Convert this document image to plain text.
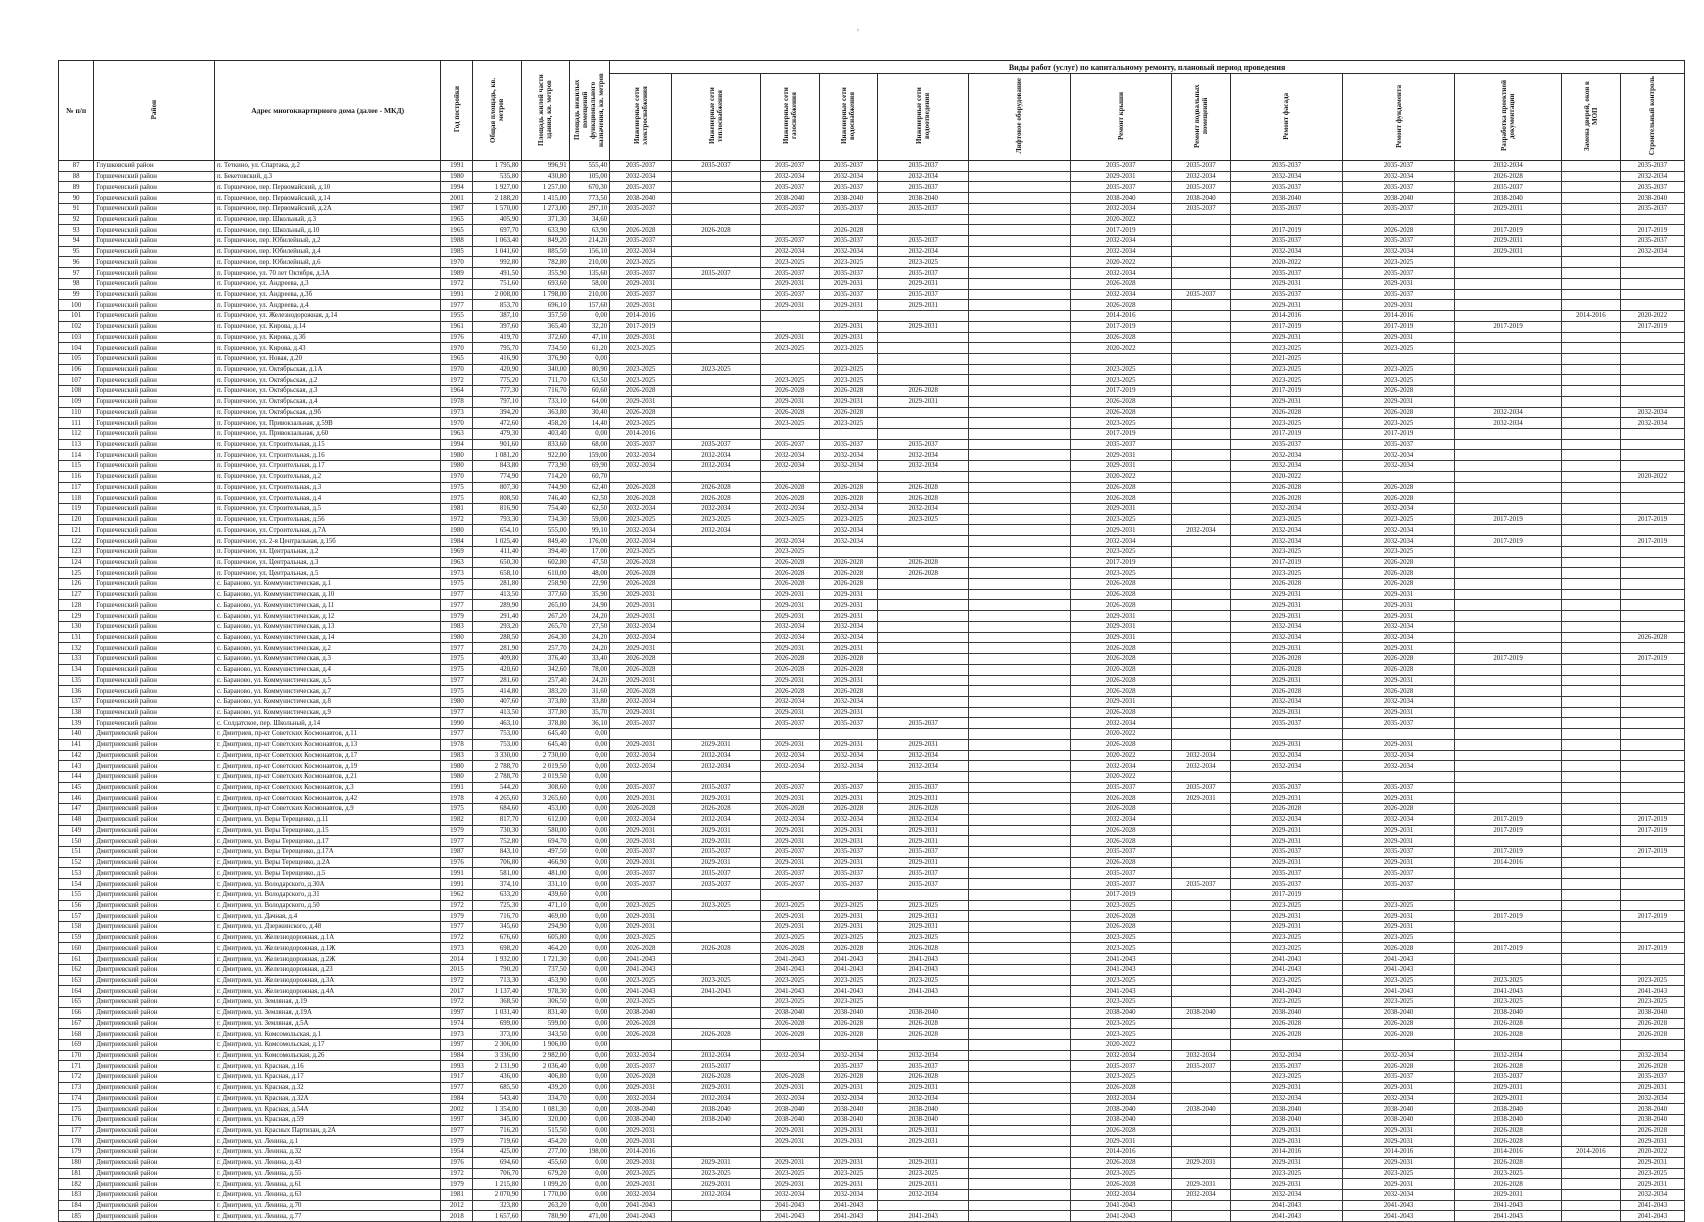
′
№ п/п	Район	Адрес многоквартирного дома (далее - МКД)	Год постройки	Общая площадь, кв. метров	Площадь жилой части здания, кв. метров	Площадь нежилых помещений функционального назначения, кв. метров	Виды работ (услуг) по капитальному ремонту, плановый период проведения												
							Инженерные сети электроснабжения	Инженерные сети теплоснабжения	Инженерные сети газоснабжения	Инженерные сети водоснабжения	Инженерные сети водоотведения	Лифтовое оборудование	Ремонт крыши	Ремонт подвальных помещений	Ремонт фасада	Ремонт фундамента	Разработка проектной документации	Замена дверей, окон в МОП	Строительный контроль
87	Глушковский район	п. Теткино, ул. Спартака, д.2	1991	1 795,80	996,91	555,40	2035-2037	2035-2037	2035-2037	2035-2037	2035-2037		2035-2037	2035-2037	2035-2037	2035-2037	2032-2034		2035-2037
88	Горшеченский район	п. Бекетовский, д.3	1980	535,80	430,80	105,00	2032-2034		2032-2034	2032-2034	2032-2034		2029-2031	2032-2034	2032-2034	2032-2034	2026-2028		2032-2034
89	Горшеченский район	п. Горшечное, пер. Первомайский, д.10	1994	1 927,00	1 257,00	670,30	2035-2037		2035-2037	2035-2037	2035-2037		2035-2037	2035-2037	2035-2037	2035-2037	2035-2037		2035-2037
90	Горшеченский район	п. Горшечное, пер. Первомайский, д.14	2001	2 188,20	1 415,00	773,50	2038-2040		2038-2040	2038-2040	2038-2040		2038-2040	2038-2040	2038-2040	2038-2040	2038-2040		2038-2040
91	Горшеченский район	п. Горшечное, пер. Первомайский, д.2А	1987	1 570,00	1 273,00	297,10	2035-2037		2035-2037	2035-2037	2035-2037		2032-2034	2035-2037	2035-2037	2035-2037	2029-2031		2035-2037
92	Горшеченский район	п. Горшечное, пер. Школьный, д.3	1965	405,90	371,30	34,60							2020-2022						
93	Горшеченский район	п. Горшечное, пер. Школьный, д.10	1965	697,70	633,90	63,90	2026-2028	2026-2028		2026-2028			2017-2019		2017-2019	2026-2028	2017-2019		2017-2019
94	Горшеченский район	п. Горшечное, пер. Юбилейный, д.2	1988	1 063,40	849,20	214,20	2035-2037		2035-2037	2035-2037	2035-2037		2032-2034		2035-2037	2035-2037	2029-2031		2035-2037
95	Горшеченский район	п. Горшечное, пер. Юбилейный, д.4	1985	1 041,60	885,50	156,10	2032-2034		2032-2034	2032-2034	2032-2034		2032-2034		2032-2034	2032-2034	2029-2031		2032-2034
96	Горшеченский район	п. Горшечное, пер. Юбилейный, д.6	1970	992,80	782,80	210,00	2023-2025		2023-2025	2023-2025	2023-2025		2020-2022		2020-2022	2023-2025			
97	Горшеченский район	п. Горшечное, ул. 70 лет Октября, д.3А	1989	491,50	355,90	135,60	2035-2037	2035-2037	2035-2037	2035-2037	2035-2037		2032-2034		2035-2037	2035-2037			
98	Горшеченский район	п. Горшечное, ул. Андреева, д.3	1972	751,60	693,60	58,00	2029-2031		2029-2031	2029-2031	2029-2031		2026-2028		2029-2031	2029-2031			
99	Горшеченский район	п. Горшечное, ул. Андреева, д.3б	1991	2 008,00	1 798,00	210,00	2035-2037		2035-2037	2035-2037	2035-2037		2032-2034	2035-2037	2035-2037	2035-2037			
100	Горшеченский район	п. Горшечное, ул. Андреева, д.4	1977	853,70	696,10	157,60	2029-2031		2029-2031	2029-2031	2029-2031		2026-2028		2029-2031	2029-2031			
101	Горшеченский район	п. Горшечное, ул. Железнодорожная, д.14	1955	387,10	357,50	0,00	2014-2016						2014-2016		2014-2016	2014-2016		2014-2016	2020-2022
102	Горшеченский район	п. Горшечное, ул. Кирова, д.14	1961	397,60	365,40	32,20	2017-2019			2029-2031	2029-2031		2017-2019		2017-2019	2017-2019	2017-2019		2017-2019
103	Горшеченский район	п. Горшечное, ул. Кирова, д.3б	1976	419,70	372,60	47,10	2029-2031		2029-2031	2029-2031			2026-2028		2029-2031	2029-2031			
104	Горшеченский район	п. Горшечное, ул. Кирова, д.43	1970	795,70	734,50	61,20	2023-2025		2023-2025	2023-2025			2020-2022		2023-2025	2023-2025			
105	Горшеченский район	п. Горшечное, ул. Новая, д.20	1965	416,90	376,90	0,00									2021-2025				
106	Горшеченский район	п. Горшечное, ул. Октябрьская, д.1А	1970	420,90	340,00	80,90	2023-2025	2023-2025		2023-2025			2023-2025		2023-2025	2023-2025			
107	Горшеченский район	п. Горшечное, ул. Октябрьская, д.2	1972	775,20	711,70	63,50	2023-2025		2023-2025	2023-2025			2023-2025		2023-2025	2023-2025			
108	Горшеченский район	п. Горшечное, ул. Октябрьская, д.3	1964	777,30	716,70	60,60	2026-2028		2026-2028	2026-2028	2026-2028		2017-2019		2017-2019	2026-2028			
109	Горшеченский район	п. Горшечное, ул. Октябрьская, д.4	1978	797,10	733,10	64,00	2029-2031		2029-2031	2029-2031	2029-2031		2026-2028		2029-2031	2029-2031			
110	Горшеченский район	п. Горшечное, ул. Октябрьская, д.9б	1973	394,20	363,80	30,40	2026-2028		2026-2028	2026-2028			2026-2028		2026-2028	2026-2028	2032-2034		2032-2034
111	Горшеченский район	п. Горшечное, ул. Привокзальная, д.59В	1970	472,60	458,20	14,40	2023-2025		2023-2025	2023-2025			2023-2025		2023-2025	2023-2025	2032-2034		2032-2034
112	Горшеченский район	п. Горшечное, ул. Привокзальная, д.60	1963	479,30	403,40	0,00	2014-2016						2017-2019		2017-2019	2017-2019			
113	Горшеченский район	п. Горшечное, ул. Строительная, д.15	1994	901,60	833,60	68,00	2035-2037	2035-2037	2035-2037	2035-2037	2035-2037		2035-2037		2035-2037	2035-2037			
114	Горшеченский район	п. Горшечное, ул. Строительная, д.16	1980	1 081,20	922,00	159,00	2032-2034	2032-2034	2032-2034	2032-2034	2032-2034		2029-2031		2032-2034	2032-2034			
115	Горшеченский район	п. Горшечное, ул. Строительная, д.17	1980	843,80	773,90	69,90	2032-2034	2032-2034	2032-2034	2032-2034	2032-2034		2029-2031		2032-2034	2032-2034			
116	Горшеченский район	п. Горшечное, ул. Строительная, д.2	1970	774,90	714,20	60,70							2020-2022		2020-2022				2020-2022
117	Горшеченский район	п. Горшечное, ул. Строительная, д.3	1975	807,30	744,90	62,40	2026-2028	2026-2028	2026-2028	2026-2028	2026-2028		2026-2028		2026-2028	2026-2028			
118	Горшеченский район	п. Горшечное, ул. Строительная, д.4	1975	808,50	746,40	62,50	2026-2028	2026-2028	2026-2028	2026-2028	2026-2028		2026-2028		2026-2028	2026-2028			
119	Горшеченский район	п. Горшечное, ул. Строительная, д.5	1981	816,90	754,40	62,50	2032-2034	2032-2034	2032-2034	2032-2034	2032-2034		2029-2031		2032-2034	2032-2034			
120	Горшеченский район	п. Горшечное, ул. Строительная, д.56	1972	793,30	734,30	59,00	2023-2025	2023-2025	2023-2025	2023-2025	2023-2025		2023-2025		2023-2025	2023-2025	2017-2019		2017-2019
121	Горшеченский район	п. Горшечное, ул. Строительная, д.7А	1980	654,10	555,00	99,10	2032-2034	2032-2034		2032-2034			2029-2031	2032-2034	2032-2034	2032-2034			
122	Горшеченский район	п. Горшечное, ул. 2-я Центральная, д.15б	1984	1 025,40	849,40	176,00	2032-2034		2032-2034	2032-2034			2032-2034		2032-2034	2032-2034	2017-2019		2017-2019
123	Горшеченский район	п. Горшечное, ул. Центральная, д.2	1969	411,40	394,40	17,00	2023-2025		2023-2025				2023-2025		2023-2025	2023-2025			
124	Горшеченский район	п. Горшечное, ул. Центральная, д.3	1963	650,30	602,80	47,50	2026-2028		2026-2028	2026-2028	2026-2028		2017-2019		2017-2019	2026-2028			
125	Горшеченский район	п. Горшечное, ул. Центральная, д.5	1973	658,10	610,00	48,00	2026-2028		2026-2028	2026-2028	2026-2028		2023-2025		2023-2025	2026-2028			
126	Горшеченский район	с. Бараново, ул. Коммунистическая, д.1	1975	281,80	258,90	22,90	2026-2028		2026-2028	2026-2028			2026-2028		2026-2028	2026-2028			
127	Горшеченский район	с. Бараново, ул. Коммунистическая, д.10	1977	413,50	377,60	35,90	2029-2031		2029-2031	2029-2031			2026-2028		2029-2031	2029-2031			
128	Горшеченский район	с. Бараново, ул. Коммунистическая, д.11	1977	289,90	265,00	24,90	2029-2031		2029-2031	2029-2031			2026-2028		2029-2031	2029-2031			
129	Горшеченский район	с. Бараново, ул. Коммунистическая, д.12	1979	291,40	267,20	24,20	2029-2031		2029-2031	2029-2031			2029-2031		2029-2031	2029-2031			
130	Горшеченский район	с. Бараново, ул. Коммунистическая, д.13	1983	293,20	265,70	27,50	2032-2034		2032-2034	2032-2034			2029-2031		2032-2034	2032-2034			
131	Горшеченский район	с. Бараново, ул. Коммунистическая, д.14	1980	288,50	264,30	24,20	2032-2034		2032-2034	2032-2034			2029-2031		2032-2034	2032-2034			2026-2028
132	Горшеченский район	с. Бараново, ул. Коммунистическая, д.2	1977	281,90	257,70	24,20	2029-2031		2029-2031	2029-2031			2026-2028		2029-2031	2029-2031			
133	Горшеченский район	с. Бараново, ул. Коммунистическая, д.3	1975	409,80	376,40	33,40	2026-2028		2026-2028	2026-2028			2026-2028		2026-2028	2026-2028	2017-2019		2017-2019
134	Горшеченский район	с. Бараново, ул. Коммунистическая, д.4	1975	420,60	342,60	78,00	2026-2028		2026-2028	2026-2028			2020-2028		2026-2028	2026-2028			
135	Горшеченский район	с. Бараново, ул. Коммунистическая, д.5	1977	281,60	257,40	24,20	2029-2031		2029-2031	2029-2031			2026-2028		2029-2031	2029-2031			
136	Горшеченский район	с. Бараново, ул. Коммунистическая, д.7	1975	414,80	383,20	31,60	2026-2028		2026-2028	2026-2028			2026-2028		2026-2028	2026-2028			
137	Горшеченский район	с. Бараново, ул. Коммунистическая, д.8	1980	407,60	373,80	33,80	2032-2034		2032-2034	2032-2034			2029-2031		2032-2034	2032-2034			
138	Горшеченский район	с. Бараново, ул. Коммунистическая, д.9	1977	413,50	377,80	35,70	2029-2031		2029-2031	2029-2031			2026-2028		2029-2031	2029-2031			
139	Горшеченский район	с. Солдатское, пер. Школьный, д.14	1990	463,10	378,80	36,10	2035-2037		2035-2037	2035-2037	2035-2037		2032-2034		2035-2037	2035-2037			
140	Дмитриевский район	г. Дмитриев, пр-кт Советских Космонавтов, д.11	1977	753,00	645,40	0,00							2020-2022						
141	Дмитриевский район	г. Дмитриев, пр-кт Советских Космонавтов, д.13	1978	753,00	645,40	0,00	2029-2031	2029-2031	2029-2031	2029-2031	2029-2031		2026-2028		2029-2031	2029-2031			
142	Дмитриевский район	г. Дмитриев, пр-кт Советских Космонавтов, д.17	1983	3 330,00	2 730,00	0,00	2032-2034	2032-2034	2032-2034	2032-2034	2032-2034		2020-2022	2032-2034	2032-2034	2032-2034			
143	Дмитриевский район	г. Дмитриев, пр-кт Советских Космонавтов, д.19	1980	2 788,70	2 019,50	0,00	2032-2034	2032-2034	2032-2034	2032-2034	2032-2034		2032-2034	2032-2034	2032-2034	2032-2034			
144	Дмитриевский район	г. Дмитриев, пр-кт Советских Космонавтов, д.21	1980	2 788,70	2 019,50	0,00							2020-2022						
145	Дмитриевский район	г. Дмитриев, пр-кт Советских Космонавтов, д.3	1991	544,20	308,60	0,00	2035-2037	2035-2037	2035-2037	2035-2037	2035-2037		2035-2037	2035-2037	2035-2037	2035-2037			
146	Дмитриевский район	г. Дмитриев, пр-кт Советских Космонавтов, д.42	1978	4 265,60	3 265,60	0,00	2029-2031	2029-2031	2029-2031	2029-2031	2029-2031		2026-2028	2029-2031	2029-2031	2029-2031			
147	Дмитриевский район	г. Дмитриев, пр-кт Советских Космонавтов, д.9	1975	684,60	453,00	0,00	2026-2028	2026-2028	2026-2028	2026-2028	2026-2028		2026-2028		2026-2028	2026-2028			
148	Дмитриевский район	г. Дмитриев, ул. Веры Терещенко, д.11	1982	817,70	612,00	0,00	2032-2034	2032-2034	2032-2034	2032-2034	2032-2034		2032-2034		2032-2034	2032-2034	2017-2019		2017-2019
149	Дмитриевский район	г. Дмитриев, ул. Веры Терещенко, д.15	1979	730,30	580,00	0,00	2029-2031	2029-2031	2029-2031	2029-2031	2029-2031		2026-2028		2029-2031	2029-2031	2017-2019		2017-2019
150	Дмитриевский район	г. Дмитриев, ул. Веры Терещенко, д.17	1977	752,80	694,70	0,00	2029-2031	2029-2031	2029-2031	2029-2031	2029-2031		2026-2028		2029-2031	2029-2031			
151	Дмитриевский район	г. Дмитриев, ул. Веры Терещенко, д.17А	1987	843,10	497,50	0,00	2035-2037	2035-2037	2035-2037	2035-2037	2035-2037		2035-2037		2035-2037	2035-2037	2017-2019		2017-2019
152	Дмитриевский район	г. Дмитриев, ул. Веры Терещенко, д.2А	1976	706,80	466,90	0,00	2029-2031	2029-2031	2029-2031	2029-2031	2029-2031		2026-2028		2029-2031	2029-2031	2014-2016		
153	Дмитриевский район	г. Дмитриев, ул. Веры Терещенко, д.5	1991	581,00	481,00	0,00	2035-2037	2035-2037	2035-2037	2035-2037	2035-2037		2035-2037		2035-2037	2035-2037			
154	Дмитриевский район	г. Дмитриев, ул. Володарского, д.30А	1991	374,10	331,10	0,00	2035-2037	2035-2037	2035-2037	2035-2037	2035-2037		2035-2037	2035-2037	2035-2037	2035-2037			
155	Дмитриевский район	г. Дмитриев, ул. Володарского, д.31	1962	633,20	439,60	0,00							2017-2019		2017-2019				
156	Дмитриевский район	г. Дмитриев, ул. Володарского, д.50	1972	725,30	471,10	0,00	2023-2025	2023-2025	2023-2025	2023-2025	2023-2025		2023-2025		2023-2025	2023-2025			
157	Дмитриевский район	г. Дмитриев, ул. Дачная, д.4	1979	716,70	469,00	0,00	2029-2031		2029-2031	2029-2031	2029-2031		2026-2028		2029-2031	2029-2031	2017-2019		2017-2019
158	Дмитриевский район	г. Дмитриев, ул. Дзержинского, д.48	1977	345,60	294,90	0,00	2029-2031		2029-2031	2029-2031	2029-2031		2026-2028		2029-2031	2029-2031			
159	Дмитриевский район	г. Дмитриев, ул. Железнодорожная, д.1А	1972	676,60	605,80	0,00	2023-2025		2023-2025	2023-2025	2023-2025		2023-2025		2023-2025	2023-2025			
160	Дмитриевский район	г. Дмитриев, ул. Железнодорожная, д.1Ж	1973	698,20	464,20	0,00	2026-2028	2026-2028	2026-2028	2026-2028	2026-2028		2023-2025		2023-2025	2026-2028	2017-2019		2017-2019
161	Дмитриевский район	г. Дмитриев, ул. Железнодорожная, д.2Ж	2014	1 932,00	1 721,30	0,00	2041-2043		2041-2043	2041-2043	2041-2043		2041-2043		2041-2043	2041-2043			
162	Дмитриевский район	г. Дмитриев, ул. Железнодорожная, д.23	2015	790,20	737,50	0,00	2041-2043		2041-2043	2041-2043	2041-2043		2041-2043		2041-2043	2041-2043			
163	Дмитриевский район	г. Дмитриев, ул. Железнодорожная, д.3А	1972	713,30	453,90	0,00	2023-2025	2023-2025	2023-2025	2023-2025	2023-2025		2023-2025		2023-2025	2023-2025	2023-2025		2023-2025
164	Дмитриевский район	г. Дмитриев, ул. Железнодорожная, д.4А	2017	1 137,40	978,30	0,00	2041-2043	2041-2043	2041-2043	2041-2043	2041-2043		2041-2043		2041-2043	2041-2043	2041-2043		2041-2043
165	Дмитриевский район	г. Дмитриев, ул. Земляная, д.19	1972	368,50	306,50	0,00	2023-2025		2023-2025	2023-2025			2023-2025		2023-2025	2023-2025	2023-2025		2023-2025
166	Дмитриевский район	г. Дмитриев, ул. Земляная, д.19А	1997	1 031,40	831,40	0,00	2038-2040		2038-2040	2038-2040	2038-2040		2038-2040	2038-2040	2038-2040	2038-2040	2038-2040		2038-2040
167	Дмитриевский район	г. Дмитриев, ул. Земляная, д.5А	1974	699,00	599,00	0,00	2026-2028		2026-2028	2026-2028	2026-2028		2023-2025		2026-2028	2026-2028	2026-2028		2026-2028
168	Дмитриевский район	г. Дмитриев, ул. Комсомольская, д.1	1973	373,00	343,50	0,00	2026-2028	2026-2028	2026-2028	2026-2028	2026-2028		2023-2025		2026-2028	2026-2028	2026-2028		2026-2028
169	Дмитриевский район	г. Дмитриев, ул. Комсомольская, д.17	1997	2 306,00	1 906,00	0,00							2020-2022						
170	Дмитриевский район	г. Дмитриев, ул. Комсомольская, д.26	1984	3 336,00	2 982,00	0,00	2032-2034	2032-2034	2032-2034	2032-2034	2032-2034		2032-2034	2032-2034	2032-2034	2032-2034	2032-2034		2032-2034
171	Дмитриевский район	г. Дмитриев, ул. Красная, д.16	1993	2 131,90	2 036,40	0,00	2035-2037	2035-2037		2035-2037	2035-2037		2035-2037	2035-2037	2035-2037	2026-2028	2026-2028		2026-2028
172	Дмитриевский район	г. Дмитриев, ул. Красная, д.17	1917	436,00	406,80	0,00	2026-2028	2026-2028	2026-2028	2026-2028	2026-2028		2023-2025		2023-2025	2035-2037	2035-2037		2035-2037
173	Дмитриевский район	г. Дмитриев, ул. Красная, д.32	1977	685,50	439,20	0,00	2029-2031	2029-2031	2029-2031	2029-2031	2029-2031		2026-2028		2029-2031	2029-2031	2029-2031		2029-2031
174	Дмитриевский район	г. Дмитриев, ул. Красная, д.32А	1984	543,40	334,70	0,00	2032-2034	2032-2034	2032-2034	2032-2034	2032-2034		2032-2034		2032-2034	2032-2034	2029-2031		2032-2034
175	Дмитриевский район	г. Дмитриев, ул. Красная, д.54А	2002	1 354,00	1 081,30	0,00	2038-2040	2038-2040	2038-2040	2038-2040	2038-2040		2038-2040	2038-2040	2038-2040	2038-2040	2038-2040		2038-2040
176	Дмитриевский район	г. Дмитриев, ул. Красная, д.59	1997	345,00	320,00	0,00	2038-2040	2038-2040	2038-2040	2038-2040	2038-2040		2038-2040		2038-2040	2038-2040	2038-2040		2038-2040
177	Дмитриевский район	г. Дмитриев, ул. Красных Партизан, д.2А	1977	716,20	515,50	0,00	2029-2031		2029-2031	2029-2031	2029-2031		2026-2028		2029-2031	2029-2031	2026-2028		2026-2028
178	Дмитриевский район	г. Дмитриев, ул. Ленина, д.1	1979	719,60	454,20	0,00	2029-2031		2029-2031	2029-2031	2029-2031		2029-2031		2029-2031	2029-2031	2026-2028		2029-2031
179	Дмитриевский район	г. Дмитриев, ул. Ленина, д.32	1954	425,00	277,00	198,00	2014-2016						2014-2016		2014-2016	2014-2016	2014-2016	2014-2016	2020-2022
180	Дмитриевский район	г. Дмитриев, ул. Ленина, д.43	1976	694,60	455,60	0,00	2029-2031	2029-2031	2029-2031	2029-2031	2029-2031		2026-2028	2029-2031	2029-2031	2029-2031	2026-2028		2029-2031
181	Дмитриевский район	г. Дмитриев, ул. Ленина, д.55	1972	706,70	679,20	0,00	2023-2025	2023-2025	2023-2025	2023-2025	2023-2025		2023-2025		2023-2025	2023-2025	2023-2025		2023-2025
182	Дмитриевский район	г. Дмитриев, ул. Ленина, д.61	1979	1 215,80	1 099,20	0,00	2029-2031	2029-2031	2029-2031	2029-2031	2029-2031		2026-2028	2029-2031	2029-2031	2029-2031	2026-2028		2029-2031
183	Дмитриевский район	г. Дмитриев, ул. Ленина, д.63	1981	2 070,90	1 770,00	0,00	2032-2034	2032-2034	2032-2034	2032-2034	2032-2034		2032-2034	2032-2034	2032-2034	2032-2034	2029-2031		2032-2034
184	Дмитриевский район	г. Дмитриев, ул. Ленина, д.70	2012	323,80	263,20	0,00	2041-2043		2041-2043	2041-2043			2041-2043		2041-2043	2041-2043	2041-2043		2041-2043
185	Дмитриевский район	г. Дмитриев, ул. Ленина, д.77	2018	1 657,60	780,90	471,00	2041-2043		2041-2043	2041-2043	2041-2043		2041-2043		2041-2043	2041-2043	2041-2043		2041-2043
